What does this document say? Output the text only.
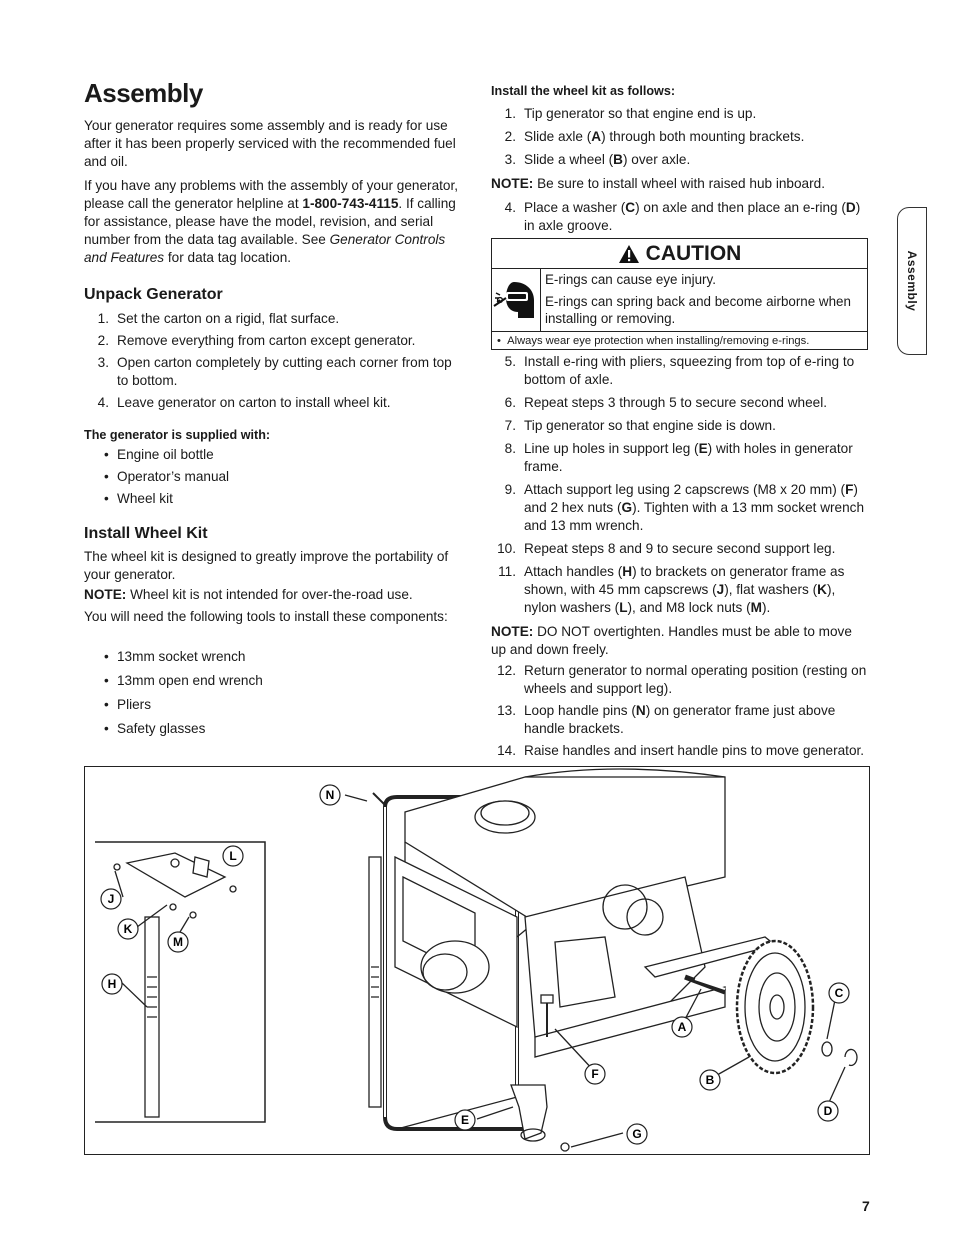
Assembly

Your generator requires some assembly and is ready for use after it has been properly serviced with the recommended fuel and oil.

If you have any problems with the assembly of your generator, please call the generator helpline at 1-800-743-4115. If calling for assistance, please have the model, revision, and serial number from the data tag available. See Generator Controls and Features for data tag location.

Unpack Generator
1. Set the carton on a rigid, flat surface.
2. Remove everything from carton except generator.
3. Open carton completely by cutting each corner from top to bottom.
4. Leave generator on carton to install wheel kit.

The generator is supplied with:

• Engine oil bottle
• Operator’s manual
• Wheel kit
Install Wheel Kit

The wheel kit is designed to greatly improve the portability of your generator.

NOTE: Wheel kit is not intended for over-the-road use.

You will need the following tools to install these components:

• 13mm socket wrench
• 13mm open end wrench
• Pliers
• Safety glasses

Install the wheel kit as follows:

1. Tip generator so that engine end is up.
2. Slide axle (A) through both mounting brackets.
3. Slide a wheel (B) over axle.

NOTE: Be sure to install wheel with raised hub inboard.

4. Place a washer (C) on axle and then place an e-ring (D) in axle groove.
CAUTION

E-rings can cause eye injury.

E-rings can spring back and become airborne when installing or removing.

•  Always wear eye protection when installing/removing e-rings.
5. Install e-ring with pliers, squeezing from top of e-ring to bottom of axle.
6. Repeat steps 3 through 5 to secure second wheel.
7. Tip generator so that engine side is down.
8. Line up holes in support leg (E) with holes in generator frame.
9. Attach support leg using 2 capscrews (M8 x 20 mm) (F) and 2 hex nuts (G). Tighten with a 13 mm socket wrench and 13 mm wrench.
10. Repeat steps 8 and 9 to secure second support leg.
11. Attach handles (H) to brackets on generator frame as shown, with 45 mm capscrews (J), flat washers (K), nylon washers (L), and M8 lock nuts (M).

NOTE: DO NOT overtighten. Handles must be able to move up and down freely.

12. Return generator to normal operating position (resting on wheels and support leg).
13. Loop handle pins (N) on generator frame just above handle brackets.
14. Raise handles and insert handle pins to move generator.
Assembly
N
L
J
K
M
H
C
A
F	B
D
E
G
7
